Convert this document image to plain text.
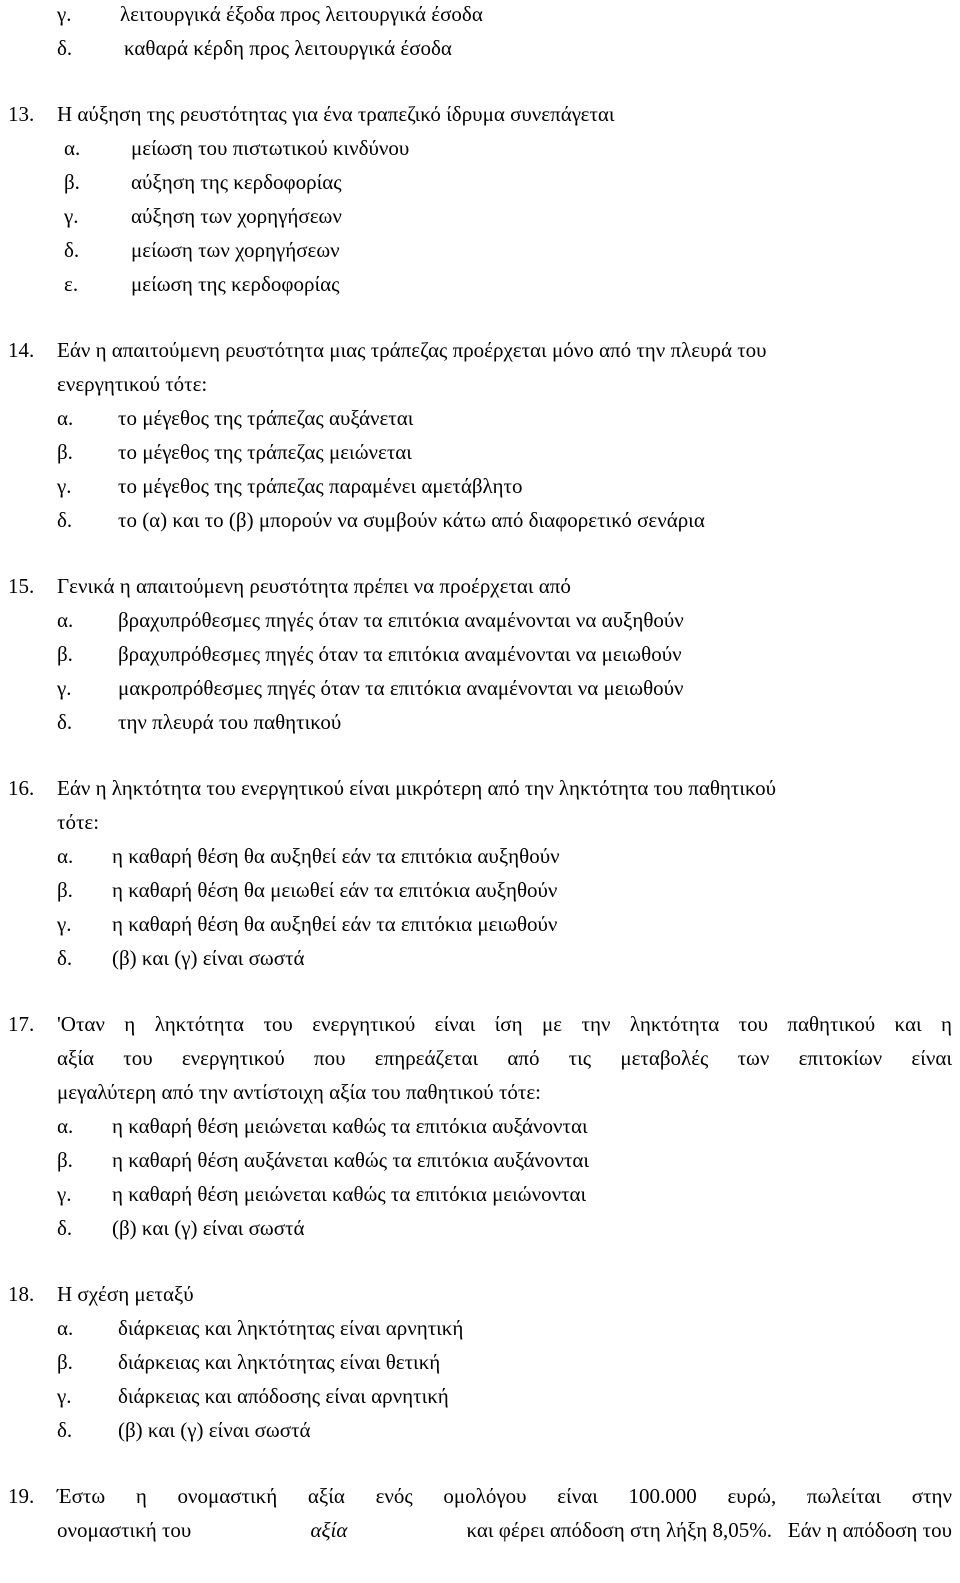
γ. λειτουργικά έξοδα προς λειτουργικά έσοδα
δ. καθαρά κέρδη προς λειτουργικά έσοδα
13. Η αύξηση της ρευστότητας για ένα τραπεζικό ίδρυμα συνεπάγεται
α. μείωση του πιστωτικού κινδύνου
β. αύξηση της κερδοφορίας
γ. αύξηση των χορηγήσεων
δ. μείωση των χορηγήσεων
ε.	μείωση της κερδοφορίας
14. Εάν η απαιτούμενη ρευστότητα μιας τράπεζας προέρχεται μόνο από την πλευρά του
ενεργητικού τότε:
α. το μέγεθος της τράπεζας αυξάνεται
β. το μέγεθος της τράπεζας μειώνεται
γ. το μέγεθος της τράπεζας παραμένει αμετάβλητο
δ. το (α) και το (β) μπορούν να συμβούν κάτω από διαφορετικό σενάρια
15. Γενικά η απαιτούμενη ρευστότητα πρέπει να προέρχεται από
α. βραχυπρόθεσμες πηγές όταν τα επιτόκια αναμένονται να αυξηθούν
β. βραχυπρόθεσμες πηγές όταν τα επιτόκια αναμένονται να μειωθούν
γ. μακροπρόθεσμες πηγές όταν τα επιτόκια αναμένονται να μειωθούν
δ. την πλευρά του παθητικού
16. Εάν η ληκτότητα του ενεργητικού είναι μικρότερη από την ληκτότητα του παθητικού
τότε:
α. η καθαρή θέση θα αυξηθεί εάν τα επιτόκια αυξηθούν
β. η καθαρή θέση θα μειωθεί εάν τα επιτόκια αυξηθούν
γ. η καθαρή θέση θα αυξηθεί εάν τα επιτόκια μειωθούν
δ. (β) και (γ) είναι σωστά
17. 'Οταν η ληκτότητα του ενεργητικού είναι ίση με την ληκτότητα του παθητικού και η
αξία του ενεργητικού που επηρεάζεται από τις μεταβολές των επιτοκίων είναι
μεγαλύτερη από την αντίστοιχη αξία του παθητικού τότε:
α. η καθαρή θέση μειώνεται καθώς τα επιτόκια αυξάνονται
β. η καθαρή θέση αυξάνεται καθώς τα επιτόκια αυξάνονται
γ. η καθαρή θέση μειώνεται καθώς τα επιτόκια μειώνονται
δ. (β) και (γ) είναι σωστά
18. Η σχέση μεταξύ
α. διάρκειας και ληκτότητας είναι αρνητική
β. διάρκειας και ληκτότητας είναι θετική
γ. διάρκειας και απόδοσης είναι αρνητική
δ. (β) και (γ) είναι σωστά
19. Έστω η ονομαστική αξία ενός ομολόγου είναι 100.000 ευρώ, πωλείται στην
ονομαστική του	αξία	και φέρει απόδοση στη λήξη 8,05%.   Εάν η απόδοση του
